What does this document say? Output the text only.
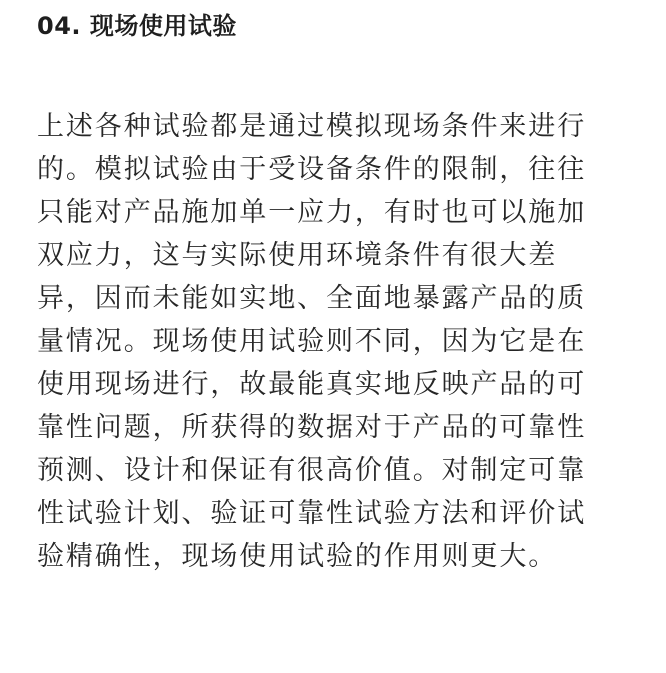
04. 现场使用试验
上述各种试验都是通过模拟现场条件来进行
的。模拟试验由于受设备条件的限制，往往
只能对产品施加单一应力，有时也可以施加
双应力，这与实际使用环境条件有很大差
异，因而未能如实地、全面地暴露产品的质
量情况。现场使用试验则不同，因为它是在
使用现场进行，故最能真实地反映产品的可
靠性问题，所获得的数据对于产品的可靠性
预测、设计和保证有很高价值。对制定可靠
性试验计划、验证可靠性试验方法和评价试
验精确性，现场使用试验的作用则更大。
